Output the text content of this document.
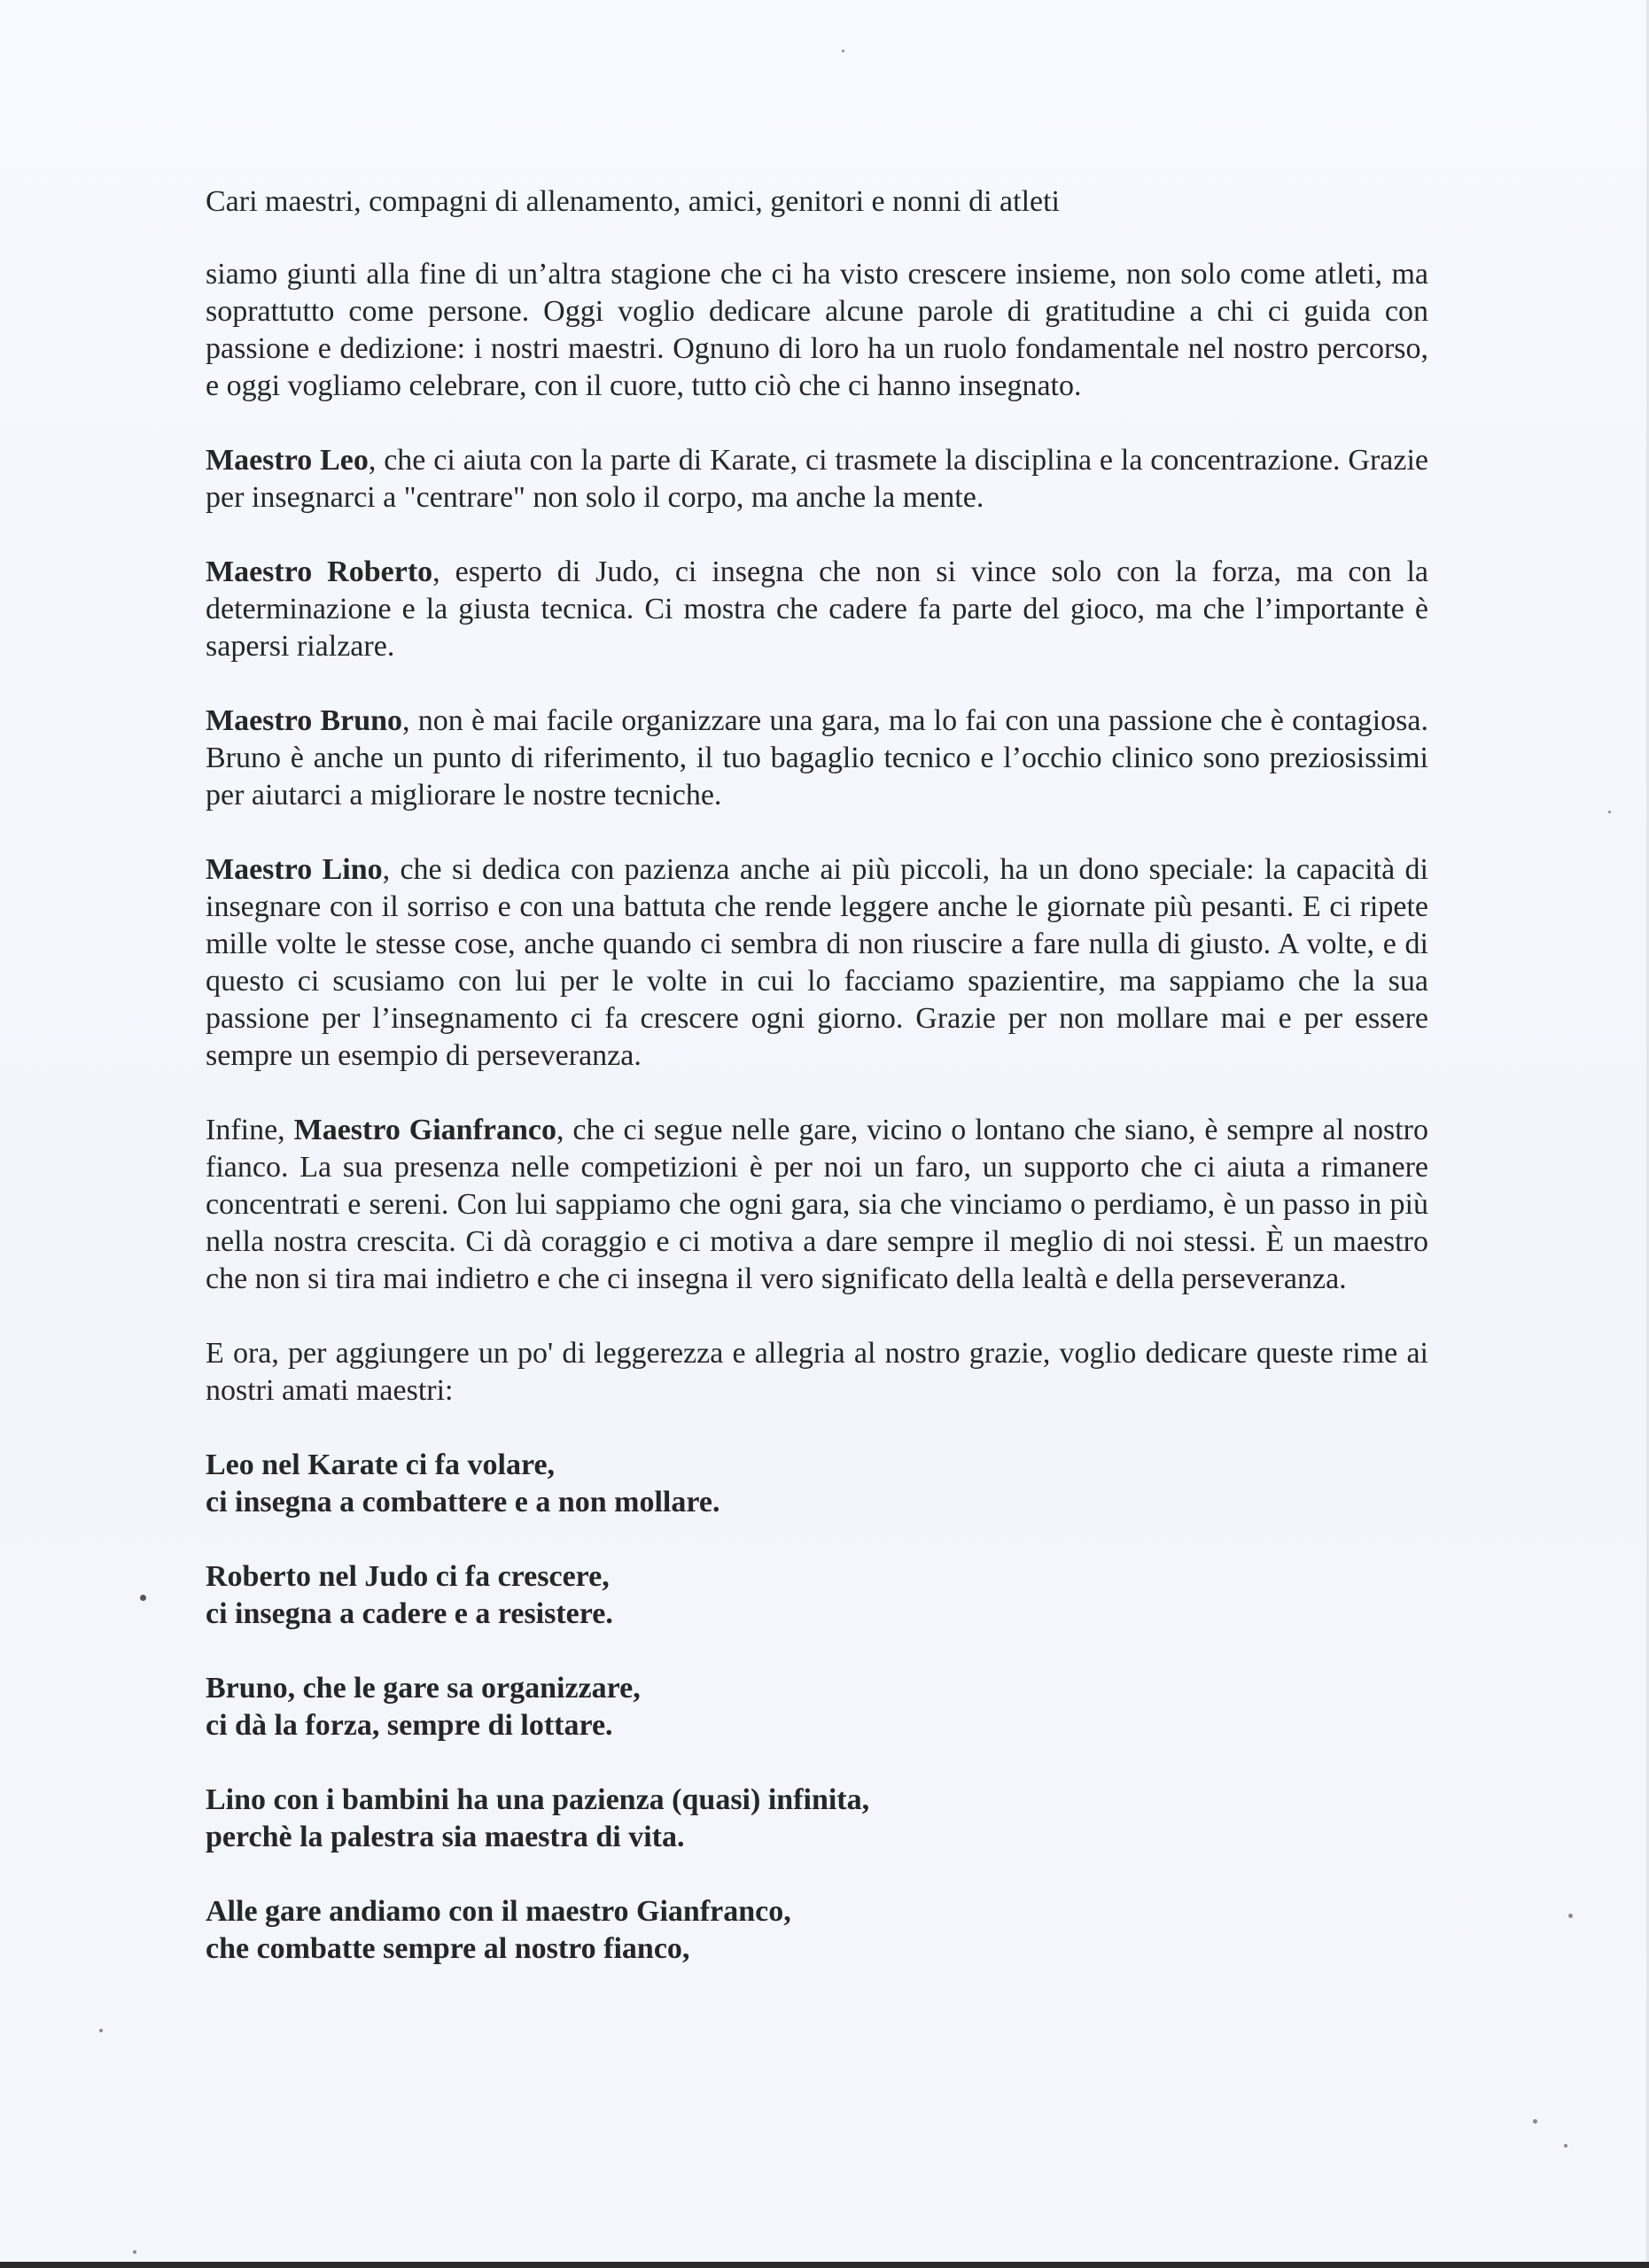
Cari maestri, compagni di allenamento, amici, genitori e nonni di atleti

siamo giunti alla fine di un’altra stagione che ci ha visto crescere insieme, non solo come atleti, ma soprattutto come persone. Oggi voglio dedicare alcune parole di gratitudine a chi ci guida con passione e dedizione: i nostri maestri. Ognuno di loro ha un ruolo fondamentale nel nostro percorso, e oggi vogliamo celebrare, con il cuore, tutto ciò che ci hanno insegnato.

Maestro Leo, che ci aiuta con la parte di Karate, ci trasmete la disciplina e la concentrazione. Grazie per insegnarci a "centrare" non solo il corpo, ma anche la mente.

Maestro Roberto, esperto di Judo, ci insegna che non si vince solo con la forza, ma con la determinazione e la giusta tecnica. Ci mostra che cadere fa parte del gioco, ma che l’importante è sapersi rialzare.

Maestro Bruno, non è mai facile organizzare una gara, ma lo fai con una passione che è contagiosa. Bruno è anche un punto di riferimento, il tuo bagaglio tecnico e l’occhio clinico sono preziosissimi per aiutarci a migliorare le nostre tecniche.

Maestro Lino, che si dedica con pazienza anche ai più piccoli, ha un dono speciale: la capacità di insegnare con il sorriso e con una battuta che rende leggere anche le giornate più pesanti. E ci ripete mille volte le stesse cose, anche quando ci sembra di non riuscire a fare nulla di giusto. A volte, e di questo ci scusiamo con lui per le volte in cui lo facciamo spazientire, ma sappiamo che la sua passione per l’insegnamento ci fa crescere ogni giorno. Grazie per non mollare mai e per essere sempre un esempio di perseveranza.

Infine, Maestro Gianfranco, che ci segue nelle gare, vicino o lontano che siano, è sempre al nostro fianco. La sua presenza nelle competizioni è per noi un faro, un supporto che ci aiuta a rimanere concentrati e sereni. Con lui sappiamo che ogni gara, sia che vinciamo o perdiamo, è un passo in più nella nostra crescita. Ci dà coraggio e ci motiva a dare sempre il meglio di noi stessi. È un maestro che non si tira mai indietro e che ci insegna il vero significato della lealtà e della perseveranza.

E ora, per aggiungere un po' di leggerezza e allegria al nostro grazie, voglio dedicare queste rime ai nostri amati maestri:

Leo nel Karate ci fa volare,
ci insegna a combattere e a non mollare.
Roberto nel Judo ci fa crescere,
ci insegna a cadere e a resistere.
Bruno, che le gare sa organizzare,
ci dà la forza, sempre di lottare.
Lino con i bambini ha una pazienza (quasi) infinita,
perchè la palestra sia maestra di vita.
Alle gare andiamo con il maestro Gianfranco,
che combatte sempre al nostro fianco,
